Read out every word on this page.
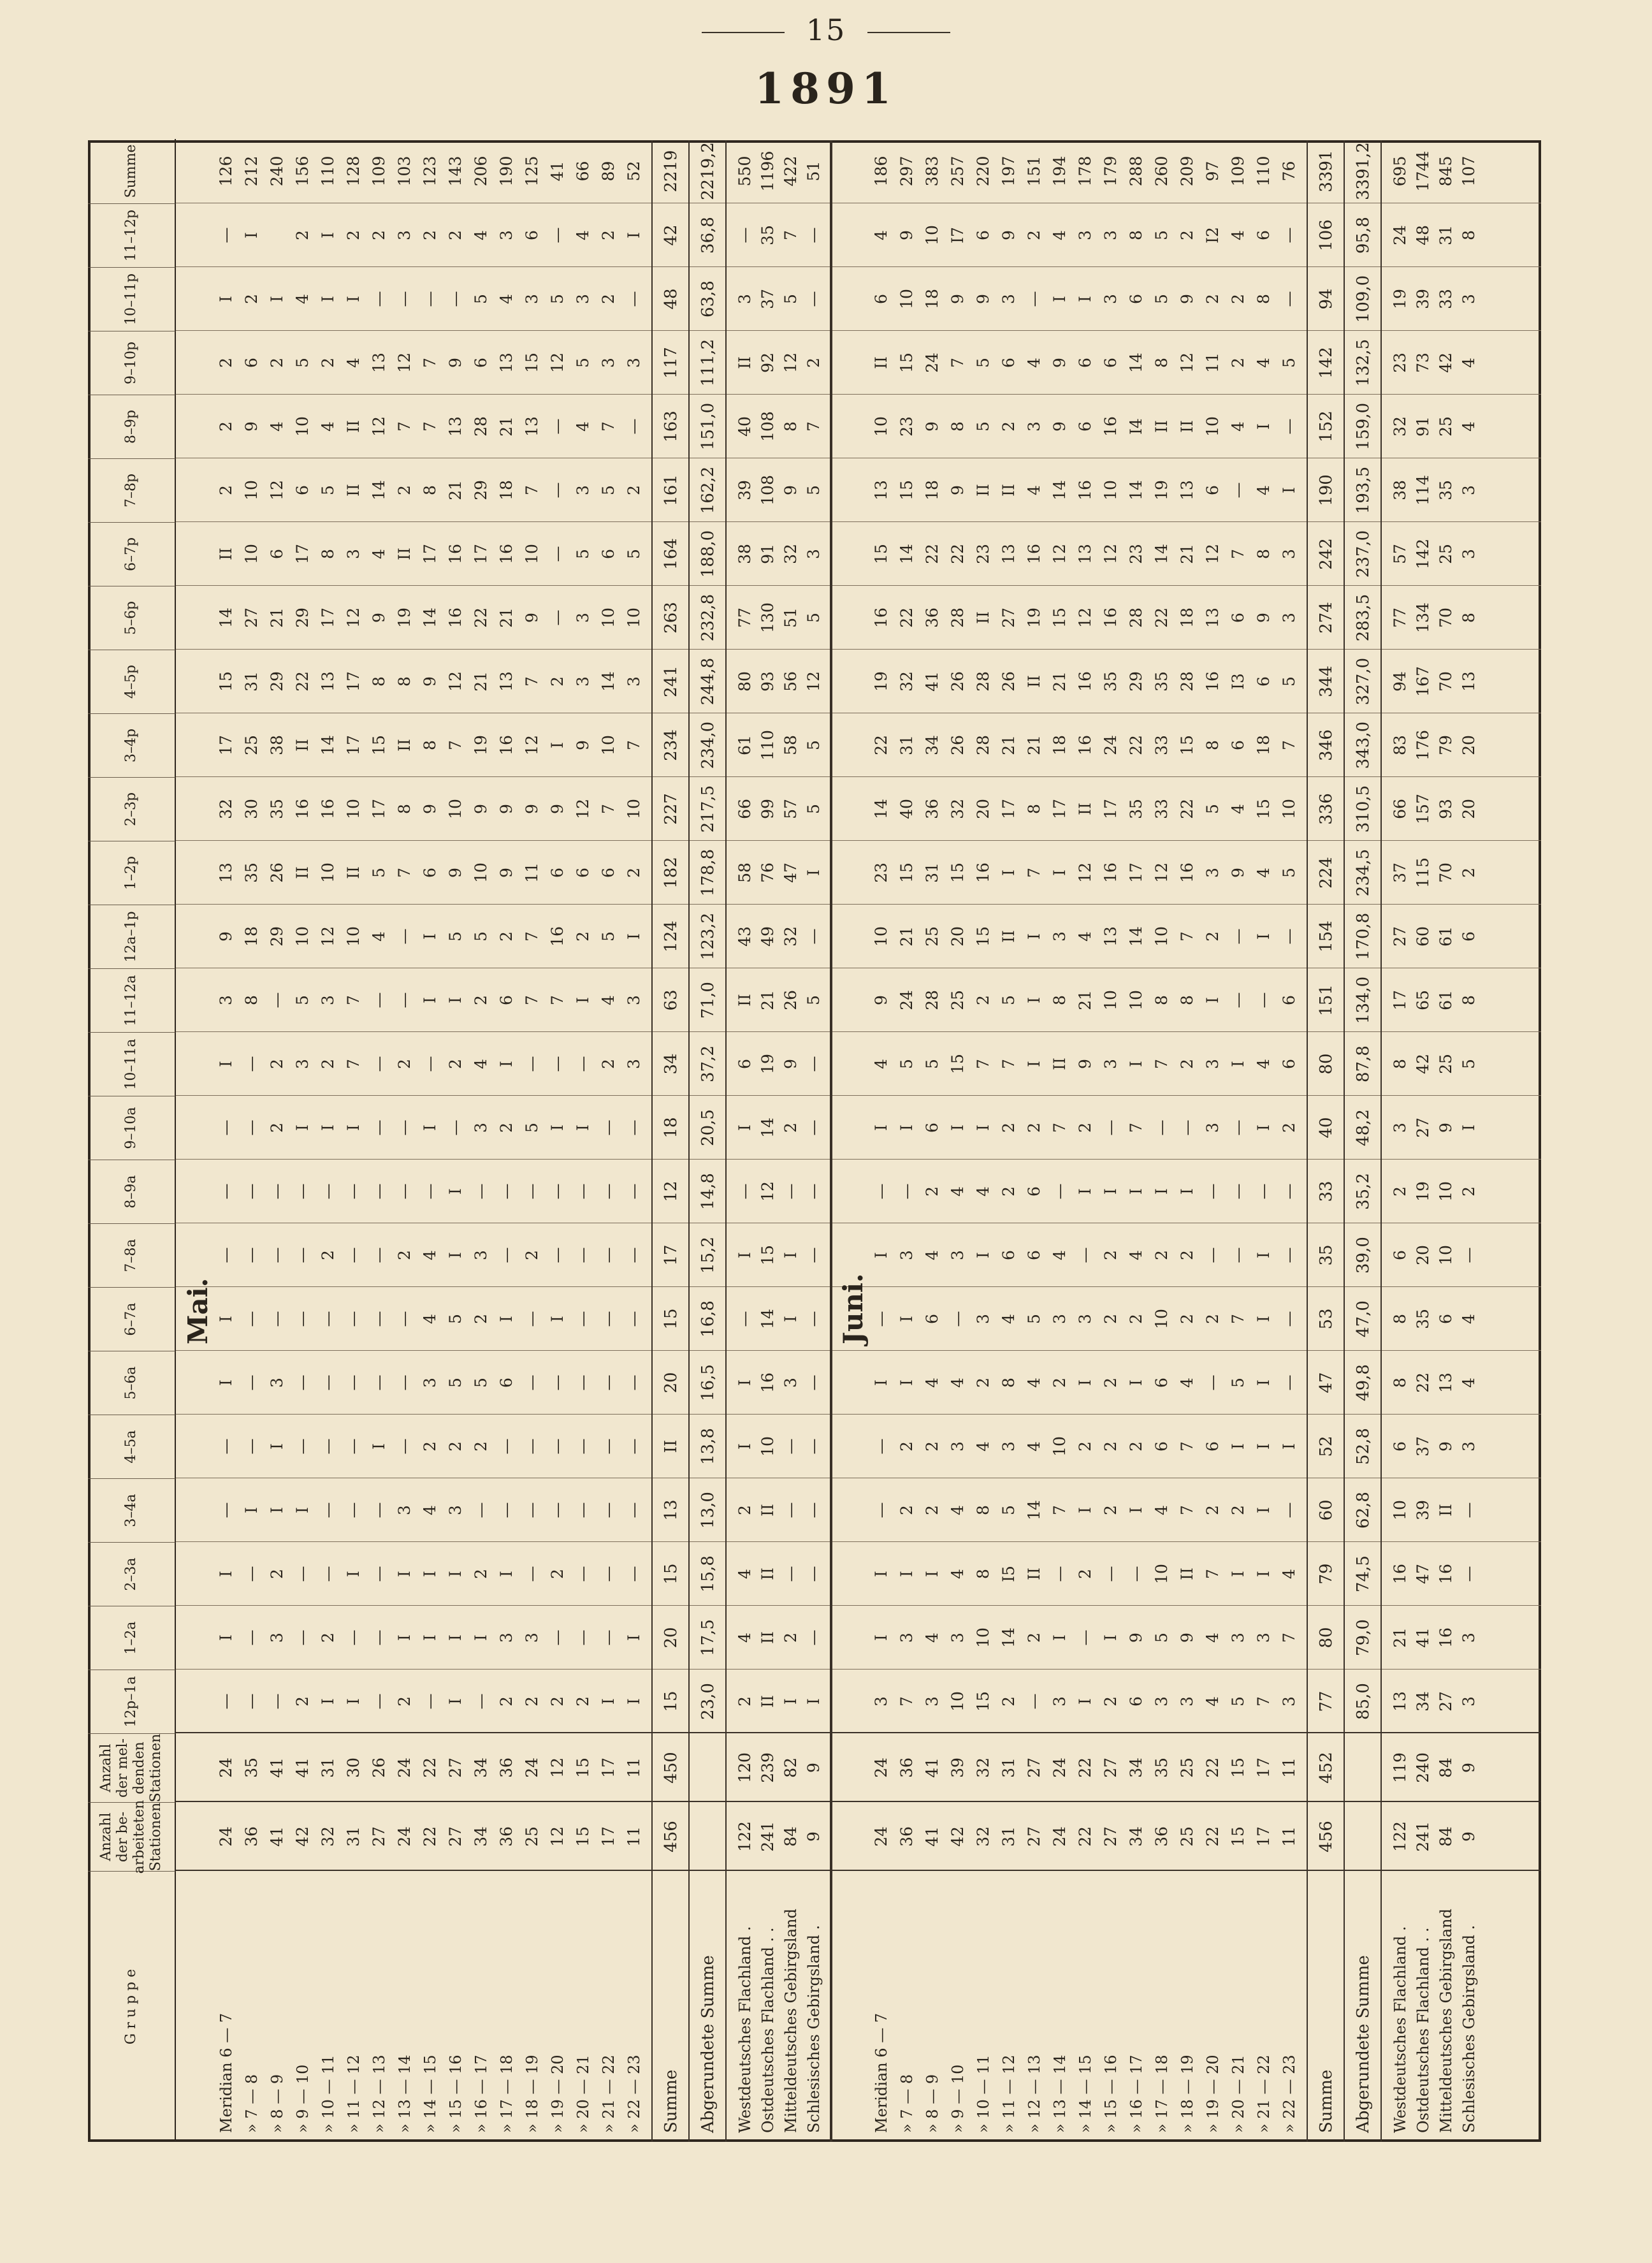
15
1891
G r u p p e
Anzahl der be- arbeiteten Stationen
Anzahl der mel- denden Stationen
12p–1a
1–2a
2–3a
3–4a
4–5a
5–6a
6–7a
7–8a
8–9a
9–10a
10–11a
11–12a
12a–1p
1–2p
2–3p
3–4p
4–5p
5–6p
6–7p
7–8p
8–9p
9–10p
10–11p
11–12p
Summe
Mai.
Meridian 6 — 7
24
24
—
I
I
—
—
I
I
—
—
—
I
3
9
13
32
17
15
14
II
2
2
2
I
—
126
» 7 — 8
36
35
—
—
—
I
—
—
—
—
—
—
—
8
18
35
30
25
31
27
10
10
9
6
2
I
212
» 8 — 9
41
41
—
3
2
I
I
3
—
—
—
2
2
—
29
26
35
38
29
21
6
12
4
2
I
240
» 9 — 10
42
41
2
—
—
I
—
—
—
—
—
I
3
5
10
II
16
II
22
29
17
6
10
5
4
2
156
» 10 — 11
32
31
I
2
—
—
—
—
—
2
—
I
2
3
12
10
16
14
13
17
8
5
4
2
I
I
110
» 11 — 12
31
30
I
—
I
—
—
—
—
—
—
I
7
7
10
II
10
17
17
12
3
II
II
4
I
2
128
» 12 — 13
27
26
—
—
—
—
I
—
—
—
—
—
—
—
4
5
17
15
8
9
4
14
12
13
—
2
109
» 13 — 14
24
24
2
I
I
3
—
—
—
2
—
—
2
—
—
7
8
II
8
19
II
2
7
12
—
3
103
» 14 — 15
22
22
—
I
I
4
2
3
4
4
—
I
—
I
I
6
9
8
9
14
17
8
7
7
—
2
123
» 15 — 16
27
27
I
I
I
3
2
5
5
I
I
—
2
I
5
9
10
7
12
16
16
21
13
9
—
2
143
» 16 — 17
34
34
—
I
2
—
2
5
2
3
—
3
4
2
5
10
9
19
21
22
17
29
28
6
5
4
206
» 17 — 18
36
36
2
3
I
—
—
6
I
—
—
2
I
6
2
9
9
16
13
21
16
18
21
13
4
3
190
» 18 — 19
25
24
2
3
—
—
—
—
—
2
—
5
—
7
7
11
9
12
7
9
10
7
13
15
3
6
125
» 19 — 20
12
12
2
—
2
—
—
—
I
—
—
I
—
7
16
6
9
I
2
—
—
—
—
12
5
—
41
» 20 — 21
15
15
2
—
—
—
—
—
—
—
—
I
—
I
2
6
12
9
3
3
5
3
4
5
3
4
66
» 21 — 22
17
17
I
—
—
—
—
—
—
—
—
—
2
4
5
6
7
10
14
10
6
5
7
3
2
2
89
» 22 — 23
11
11
I
I
—
—
—
—
—
—
—
—
3
3
I
2
10
7
3
10
5
2
—
3
—
I
52
Summe
456
450
15
20
15
13
II
20
15
17
12
18
34
63
124
182
227
234
241
263
164
161
163
117
48
42
2219
Abgerundete Summe
23,0
17,5
15,8
13,0
13,8
16,5
16,8
15,2
14,8
20,5
37,2
71,0
123,2
178,8
217,5
234,0
244,8
232,8
188,0
162,2
151,0
111,2
63,8
36,8
2219,2
Westdeutsches Flachland .
122
120
2
4
4
2
I
I
—
I
—
I
6
II
43
58
66
61
80
77
38
39
40
II
3
—
550
Ostdeutsches Flachland . .
241
239
II
II
II
II
10
16
14
15
12
14
19
21
49
76
99
110
93
130
91
108
108
92
37
35
1196
Mitteldeutsches Gebirgsland
84
82
I
2
—
—
—
3
I
I
—
2
9
26
32
47
57
58
56
51
32
9
8
12
5
7
422
Schlesisches Gebirgsland .
9
9
I
—
—
—
—
—
—
—
—
—
—
5
—
I
5
5
12
5
3
5
7
2
—
—
51
Juni.
Meridian 6 — 7
24
24
3
I
I
—
—
I
—
I
—
I
4
9
10
23
14
22
19
16
15
13
10
II
6
4
186
» 7 — 8
36
36
7
3
I
2
2
I
I
3
—
I
5
24
21
15
40
31
32
22
14
15
23
15
10
9
297
» 8 — 9
41
41
3
4
I
2
2
4
6
4
2
6
5
28
25
31
36
34
41
36
22
18
9
24
18
10
383
» 9 — 10
42
39
10
3
4
4
3
4
—
3
4
I
15
25
20
15
32
26
26
28
22
9
8
7
9
I7
257
» 10 — 11
32
32
15
10
8
8
4
2
3
I
4
I
7
2
15
16
20
28
28
II
23
II
5
5
9
6
220
» 11 — 12
31
31
2
14
I5
5
3
8
4
6
2
2
7
5
II
I
17
21
26
27
13
II
2
6
3
9
197
» 12 — 13
27
27
—
2
II
14
4
4
5
6
6
2
I
I
I
7
8
21
II
19
16
4
3
4
—
2
151
» 13 — 14
24
24
3
I
—
7
10
2
3
4
—
7
II
8
3
I
17
18
21
15
12
14
9
9
I
4
194
» 14 — 15
22
22
I
—
2
I
2
I
3
—
I
2
9
21
4
12
II
16
16
12
13
16
6
6
I
3
178
» 15 — 16
27
27
2
I
—
2
2
2
2
2
I
—
3
10
13
16
17
24
35
16
12
10
16
6
3
3
179
» 16 — 17
34
34
6
9
—
I
2
I
2
4
I
7
I
10
14
17
35
22
29
28
23
14
I4
14
6
8
288
» 17 — 18
36
35
3
5
10
4
6
6
10
2
I
—
7
8
10
12
33
33
35
22
14
19
II
8
5
5
260
» 18 — 19
25
25
3
9
II
7
7
4
2
2
I
—
2
8
7
16
22
15
28
18
21
13
II
12
9
2
209
» 19 — 20
22
22
4
4
7
2
6
—
2
—
—
3
3
I
2
3
5
8
16
13
12
6
10
11
2
I2
97
» 20 — 21
15
15
5
3
I
2
I
5
7
—
—
—
I
—
—
9
4
6
I3
6
7
—
4
2
2
4
109
» 21 — 22
17
17
7
3
I
I
I
I
I
I
—
I
4
—
I
4
15
18
6
9
8
4
I
4
8
6
110
» 22 — 23
11
11
3
7
4
—
I
—
—
—
—
2
6
6
—
5
10
7
5
3
3
I
—
5
—
—
76
Summe
456
452
77
80
79
60
52
47
53
35
33
40
80
151
154
224
336
346
344
274
242
190
152
142
94
106
3391
Abgerundete Summe
85,0
79,0
74,5
62,8
52,8
49,8
47,0
39,0
35,2
48,2
87,8
134,0
170,8
234,5
310,5
343,0
327,0
283,5
237,0
193,5
159,0
132,5
109,0
95,8
3391,2
Westdeutsches Flachland .
122
119
13
21
16
10
6
8
8
6
2
3
8
17
27
37
66
83
94
77
57
38
32
23
19
24
695
Ostdeutsches Flachland . .
241
240
34
41
47
39
37
22
35
20
19
27
42
65
60
115
157
176
167
134
142
114
91
73
39
48
1744
Mitteldeutsches Gebirgsland
84
84
27
16
16
II
9
13
6
10
10
9
25
61
61
70
93
79
70
70
25
35
25
42
33
31
845
Schlesisches Gebirgsland .
9
9
3
3
—
—
3
4
4
—
2
I
5
8
6
2
20
20
13
8
3
3
4
4
3
8
107
